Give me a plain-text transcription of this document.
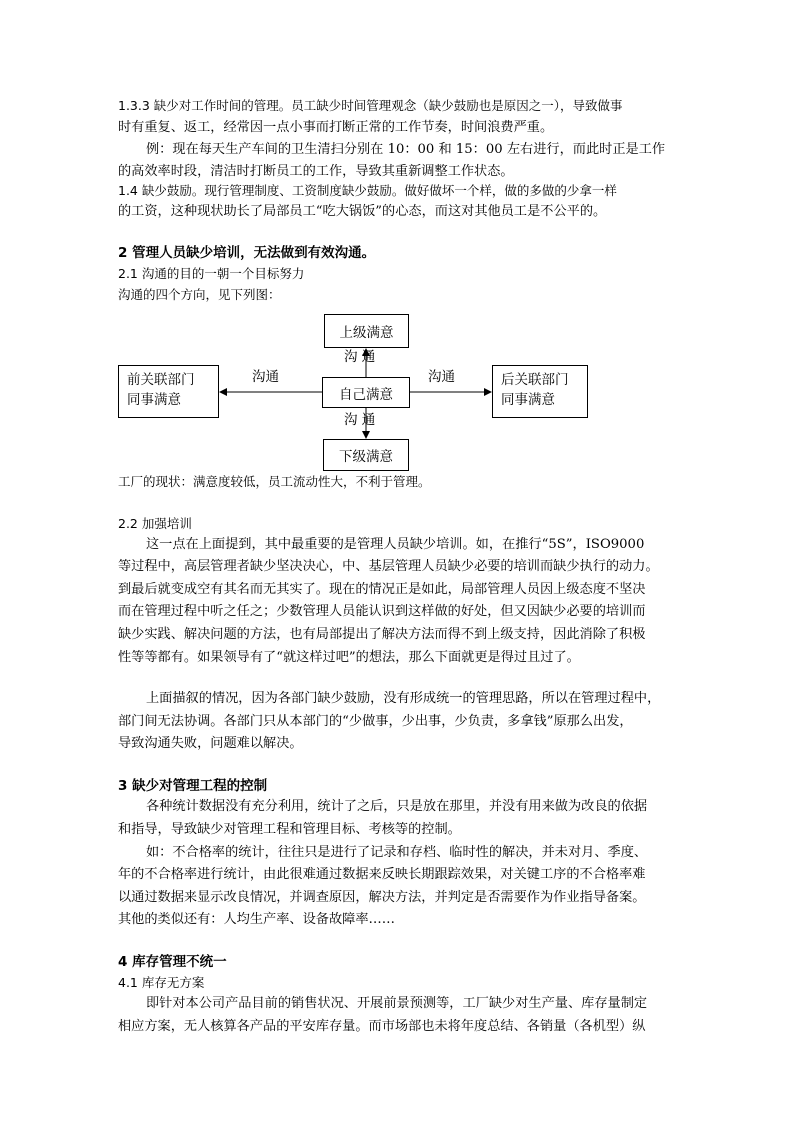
1.3.3 缺少对工作时间的管理。员工缺少时间管理观念（缺少鼓励也是原因之一），导致做事
时有重复、返工，经常因一点小事而打断正常的工作节奏，时间浪费严重。
例：现在每天生产车间的卫生清扫分别在 10：00 和 15：00 左右进行，而此时正是工作
的高效率时段，清洁时打断员工的工作，导致其重新调整工作状态。
1.4 缺少鼓励。现行管理制度、工资制度缺少鼓励。做好做坏一个样，做的多做的少拿一样
的工资，这种现状助长了局部员工“吃大锅饭”的心态，而这对其他员工是不公平的。
2 管理人员缺少培训，无法做到有效沟通。
2.1 沟通的目的一朝一个目标努力
沟通的四个方向，见下列图：
上级满意
自己满意
下级满意
前关联部门
同事满意
后关联部门
同事满意
沟 通
沟通	沟通
沟 通
工厂的现状：满意度较低，员工流动性大，不利于管理。
2.2 加强培训
这一点在上面提到，其中最重要的是管理人员缺少培训。如，在推行“5S”，ISO9000
等过程中，高层管理者缺少坚决决心，中、基层管理人员缺少必要的培训而缺少执行的动力。
到最后就变成空有其名而无其实了。现在的情况正是如此，局部管理人员因上级态度不坚决
而在管理过程中听之任之；少数管理人员能认识到这样做的好处，但又因缺少必要的培训而
缺少实践、解决问题的方法，也有局部提出了解决方法而得不到上级支持，因此消除了积极
性等等都有。如果领导有了“就这样过吧”的想法，那么下面就更是得过且过了。
上面描叙的情况，因为各部门缺少鼓励，没有形成统一的管理思路，所以在管理过程中，
部门间无法协调。各部门只从本部门的“少做事，少出事，少负责，多拿钱”原那么出发，
导致沟通失败，问题难以解决。
3 缺少对管理工程的控制
各种统计数据没有充分利用，统计了之后，只是放在那里，并没有用来做为改良的依据
和指导，导致缺少对管理工程和管理目标、考核等的控制。
如：不合格率的统计，往往只是进行了记录和存档、临时性的解决，并未对月、季度、
年的不合格率进行统计，由此很难通过数据来反映长期跟踪效果，对关键工序的不合格率难
以通过数据来显示改良情况，并调查原因，解决方法，并判定是否需要作为作业指导备案。
其他的类似还有：人均生产率、设备故障率……
4 库存管理不统一
4.1 库存无方案
即针对本公司产品目前的销售状况、开展前景预测等，工厂缺少对生产量、库存量制定
相应方案，无人核算各产品的平安库存量。而市场部也未将年度总结、各销量（各机型）纵
